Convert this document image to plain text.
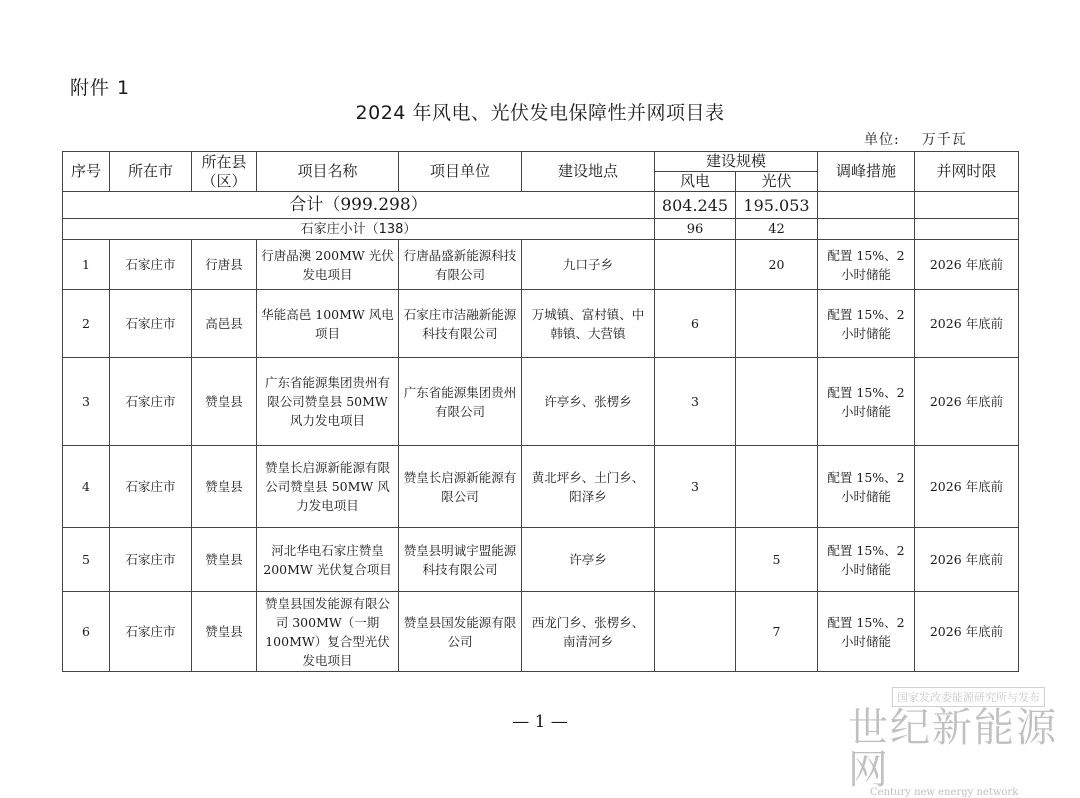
附件 1
2024 年风电、光伏发电保障性并网项目表
单位: 万千瓦
序号	所在市	所在县（区）	项目名称	项目单位	建设地点	建设规模		调峰措施	并网时限
						风电	光伏		
合计（999.298）						804.245	195.053		
石家庄小计（138）						96	42		
1	石家庄市	行唐县	行唐晶澳 200MW 光伏发电项目	行唐晶盛新能源科技有限公司	九口子乡		20	配置 15%、2 小时储能	2026 年底前
2	石家庄市	高邑县	华能高邑 100MW 风电项目	石家庄市洁融新能源科技有限公司	万城镇、富村镇、中韩镇、大营镇	6		配置 15%、2 小时储能	2026 年底前
3	石家庄市	赞皇县	广东省能源集团贵州有限公司赞皇县 50MW 风力发电项目	广东省能源集团贵州有限公司	许亭乡、张楞乡	3		配置 15%、2 小时储能	2026 年底前
4	石家庄市	赞皇县	赞皇长启源新能源有限公司赞皇县 50MW 风力发电项目	赞皇长启源新能源有限公司	黄北坪乡、土门乡、阳泽乡	3		配置 15%、2 小时储能	2026 年底前
5	石家庄市	赞皇县	河北华电石家庄赞皇 200MW 光伏复合项目	赞皇县明诚宇盟能源科技有限公司	许亭乡		5	配置 15%、2 小时储能	2026 年底前
6	石家庄市	赞皇县	赞皇县国发能源有限公司 300MW（一期 100MW）复合型光伏发电项目	赞皇县国发能源有限公司	西龙门乡、张楞乡、南清河乡		7	配置 15%、2 小时储能	2026 年底前
国家发改委能源研究所与发布
世纪新能源网
Century new energy network
— 1 —
